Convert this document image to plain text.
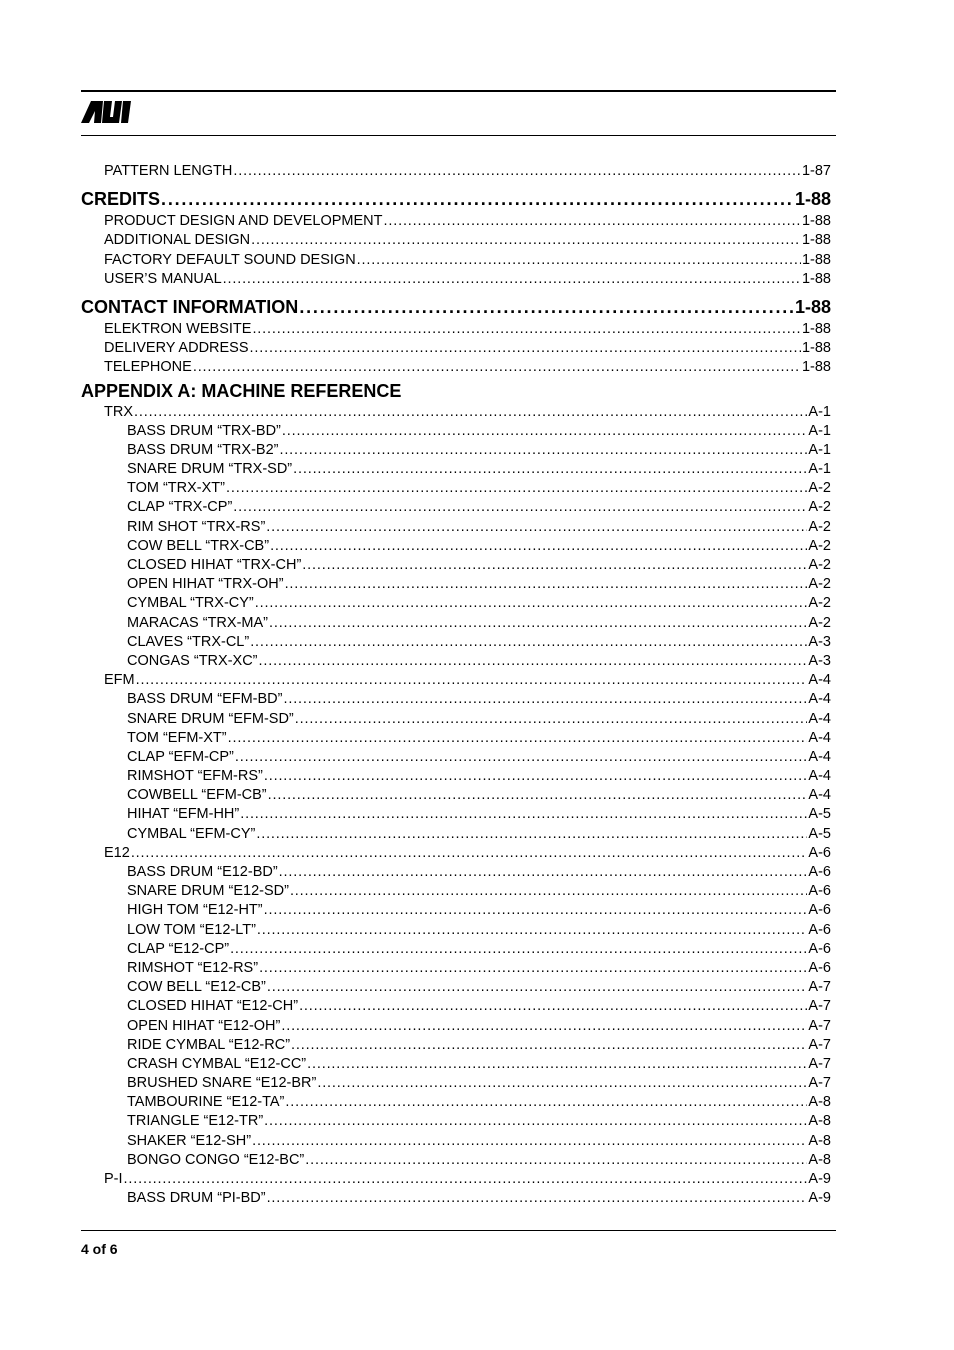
PATTERN LENGTH . . .	1-87
CREDITS . . .	1-88
PRODUCT DESIGN AND DEVELOPMENT . . .	1-88
ADDITIONAL DESIGN . . .	1-88
FACTORY DEFAULT SOUND DESIGN . . .	1-88
USER’S MANUAL . . .	1-88
CONTACT INFORMATION . . .	1-88
ELEKTRON WEBSITE . . .	1-88
DELIVERY ADDRESS . . .	1-88
TELEPHONE . . .	1-88
APPENDIX A: MACHINE REFERENCE
TRX . . .	A-1
BASS DRUM “TRX-BD” . . .	A-1
BASS DRUM “TRX-B2” . . .	A-1
SNARE DRUM “TRX-SD” . . .	A-1
TOM “TRX-XT” . . .	A-2
CLAP “TRX-CP” . . .	A-2
RIM SHOT “TRX-RS” . . .	A-2
COW BELL “TRX-CB” . . .	A-2
CLOSED HIHAT “TRX-CH” . . .	A-2
OPEN HIHAT “TRX-OH” . . .	A-2
CYMBAL “TRX-CY” . . .	A-2
MARACAS “TRX-MA” . . .	A-2
CLAVES “TRX-CL” . . .	A-3
CONGAS “TRX-XC” . . .	A-3
EFM . . .	A-4
BASS DRUM “EFM-BD” . . .	A-4
SNARE DRUM “EFM-SD” . . .	A-4
TOM “EFM-XT” . . .	A-4
CLAP “EFM-CP” . . .	A-4
RIMSHOT “EFM-RS” . . .	A-4
COWBELL “EFM-CB” . . .	A-4
HIHAT “EFM-HH” . . .	A-5
CYMBAL “EFM-CY” . . .	A-5
E12 . . .	A-6
BASS DRUM “E12-BD” . . .	A-6
SNARE DRUM “E12-SD” . . .	A-6
HIGH TOM “E12-HT” . . .	A-6
LOW TOM “E12-LT” . . .	A-6
CLAP “E12-CP” . . .	A-6
RIMSHOT “E12-RS” . . .	A-6
COW BELL “E12-CB” . . .	A-7
CLOSED HIHAT “E12-CH” . . .	A-7
OPEN HIHAT “E12-OH” . . .	A-7
RIDE CYMBAL “E12-RC” . . .	A-7
CRASH CYMBAL “E12-CC” . . .	A-7
BRUSHED SNARE “E12-BR” . . .	A-7
TAMBOURINE “E12-TA” . . .	A-8
TRIANGLE “E12-TR” . . .	A-8
SHAKER “E12-SH” . . .	A-8
BONGO CONGO “E12-BC” . . .	A-8
P-I . . .	A-9
BASS DRUM “PI-BD” . . .	A-9
4 of 6
